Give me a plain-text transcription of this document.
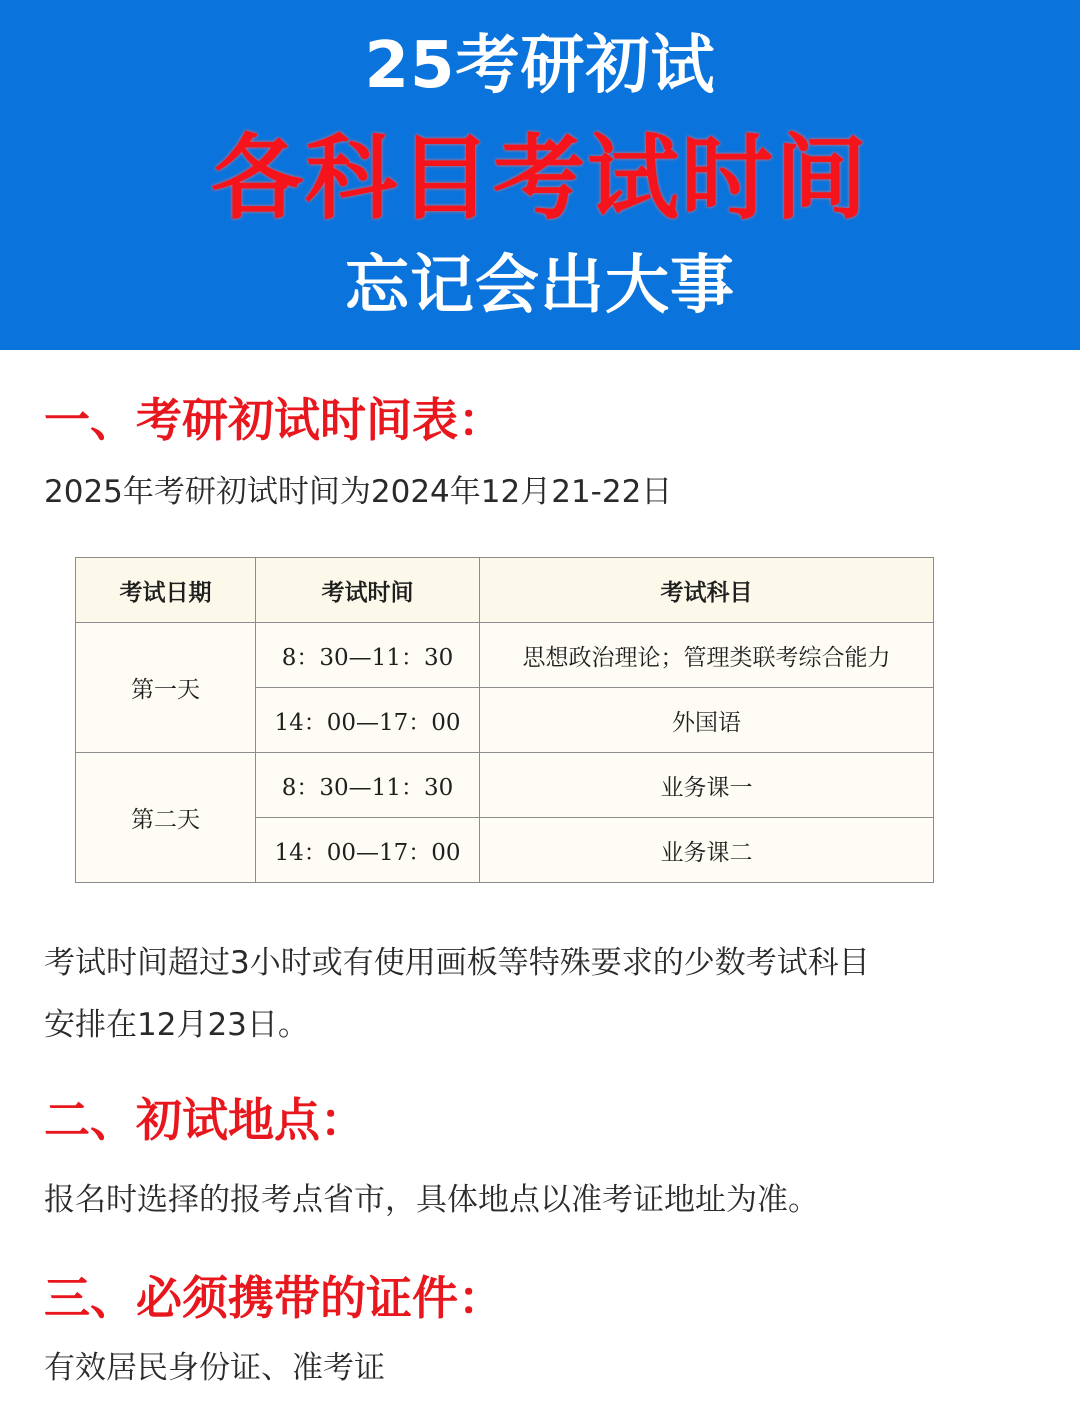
25考研初试
各科目考试时间
忘记会出大事
一、考研初试时间表：
2025年考研初试时间为2024年12月21-22日
考试日期	考试时间	考试科目
第一天	8：30—11：30	思想政治理论；管理类联考综合能力
	14：00—17：00	外国语
第二天	8：30—11：30	业务课一
	14：00—17：00	业务课二
考试时间超过3小时或有使用画板等特殊要求的少数考试科目
安排在12月23日。
二、初试地点：
报名时选择的报考点省市，具体地点以准考证地址为准。
三、必须携带的证件：
有效居民身份证、准考证
